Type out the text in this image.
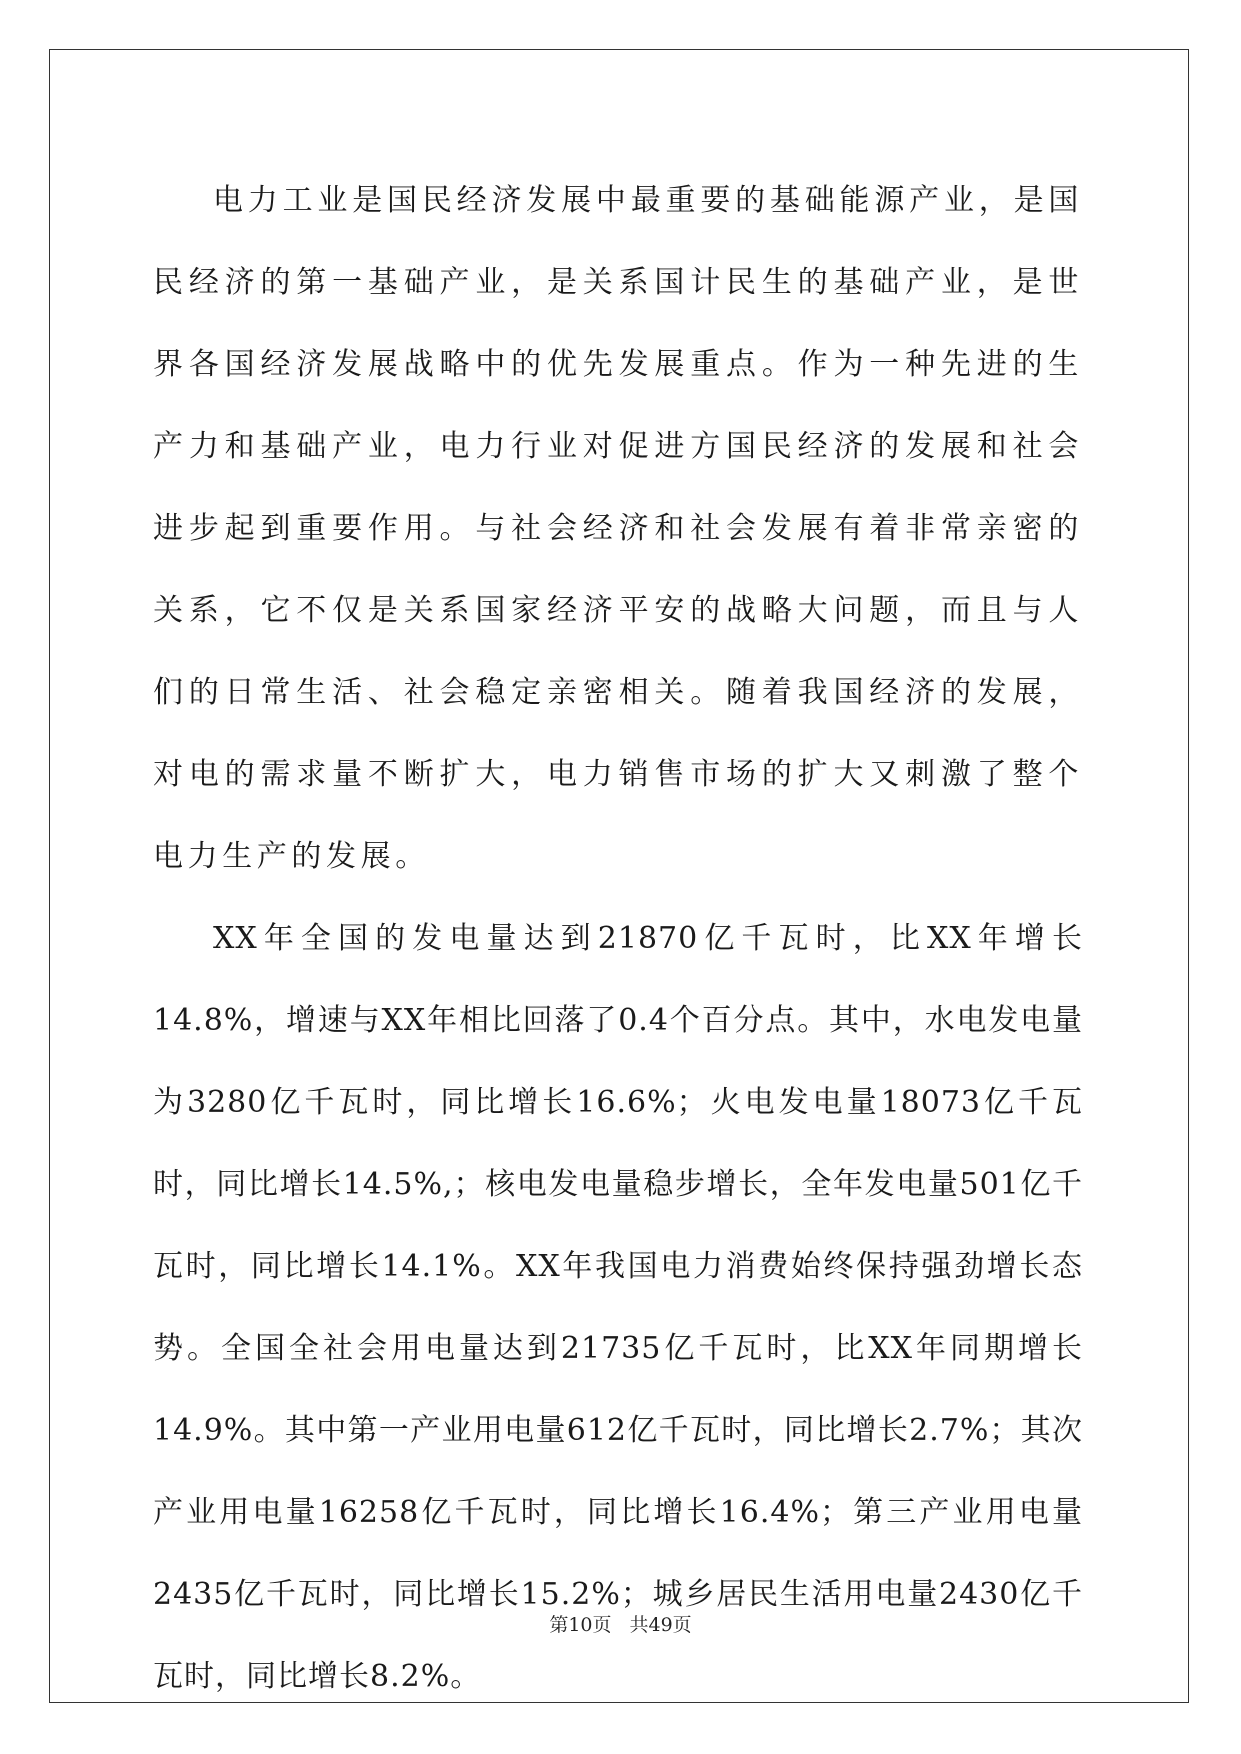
电力工业是国民经济发展中最重要的基础能源产业，是国民经济的第一基础产业，是关系国计民生的基础产业，是世界各国经济发展战略中的优先发展重点。作为一种先进的生产力和基础产业，电力行业对促进方国民经济的发展和社会进步起到重要作用。与社会经济和社会发展有着非常亲密的关系，它不仅是关系国家经济平安的战略大问题，而且与人们的日常生活、社会稳定亲密相关。随着我国经济的发展，对电的需求量不断扩大，电力销售市场的扩大又刺激了整个电力生产的发展。

XX年全国的发电量达到21870亿千瓦时，比XX年增长14.8%，增速与XX年相比回落了0.4个百分点。其中，水电发电量为3280亿千瓦时，同比增长16.6%；火电发电量18073亿千瓦时，同比增长14.5%,；核电发电量稳步增长，全年发电量501亿千瓦时，同比增长14.1%。XX年我国电力消费始终保持强劲增长态势。全国全社会用电量达到21735亿千瓦时，比XX年同期增长14.9%。其中第一产业用电量612亿千瓦时，同比增长2.7%；其次产业用电量16258亿千瓦时，同比增长16.4%；第三产业用电量2435亿千瓦时，同比增长15.2%；城乡居民生活用电量2430亿千瓦时，同比增长8.2%。

第10页 共49页
